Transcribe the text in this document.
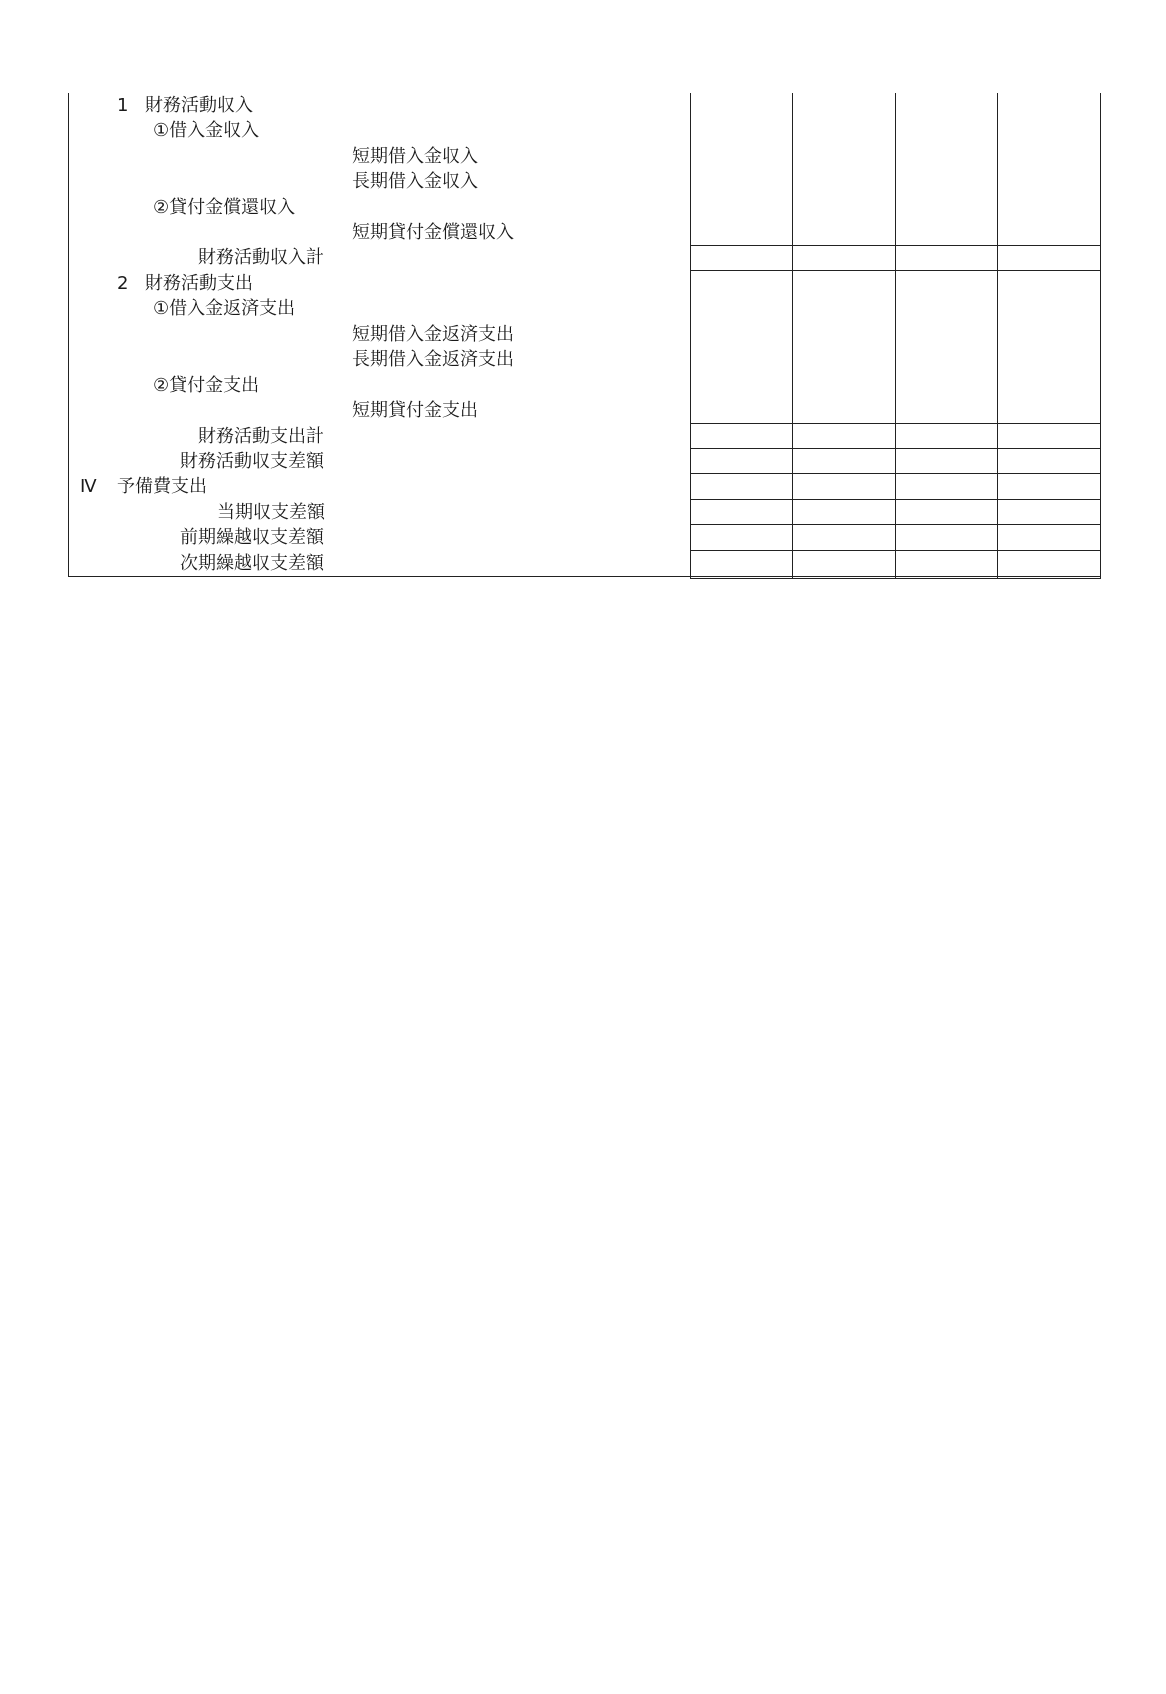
1 財務活動収入
①借入金収入
短期借入金収入
長期借入金収入
②貸付金償還収入
短期貸付金償還収入
財務活動収入計
2 財務活動支出
①借入金返済支出
短期借入金返済支出
長期借入金返済支出
②貸付金支出
短期貸付金支出
財務活動支出計
財務活動収支差額
Ⅳ 予備費支出
当期収支差額
前期繰越収支差額
次期繰越収支差額
